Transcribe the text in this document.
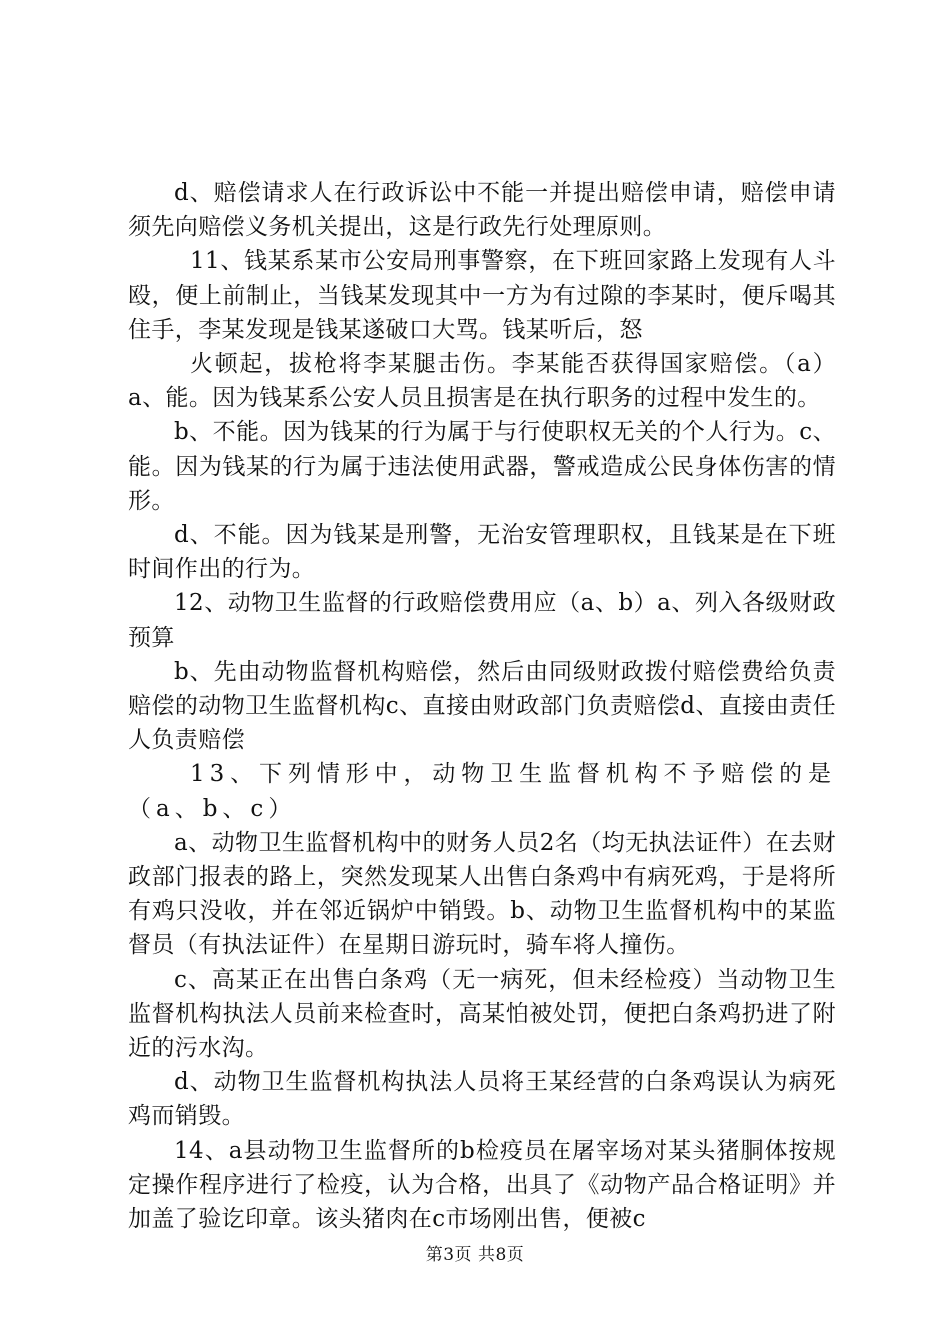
d、赔偿请求人在行政诉讼中不能一并提出赔偿申请，赔偿申请须先向赔偿义务机关提出，这是行政先行处理原则。

11、钱某系某市公安局刑事警察，在下班回家路上发现有人斗殴，便上前制止，当钱某发现其中一方为有过隙的李某时，便斥喝其住手，李某发现是钱某遂破口大骂。钱某听后，怒

火顿起，拔枪将李某腿击伤。李某能否获得国家赔偿。（a）a、能。因为钱某系公安人员且损害是在执行职务的过程中发生的。

b、不能。因为钱某的行为属于与行使职权无关的个人行为。c、能。因为钱某的行为属于违法使用武器，警戒造成公民身体伤害的情形。

d、不能。因为钱某是刑警，无治安管理职权，且钱某是在下班时间作出的行为。

12、动物卫生监督的行政赔偿费用应（a、b）a、列入各级财政预算

b、先由动物监督机构赔偿，然后由同级财政拨付赔偿费给负责赔偿的动物卫生监督机构c、直接由财政部门负责赔偿d、直接由责任人负责赔偿

13、下列情形中，动物卫生监督机构不予赔偿的是（a、b、c）

a、动物卫生监督机构中的财务人员2名（均无执法证件）在去财政部门报表的路上，突然发现某人出售白条鸡中有病死鸡，于是将所有鸡只没收，并在邻近锅炉中销毁。b、动物卫生监督机构中的某监督员（有执法证件）在星期日游玩时，骑车将人撞伤。

c、高某正在出售白条鸡（无一病死，但未经检疫）当动物卫生监督机构执法人员前来检查时，高某怕被处罚，便把白条鸡扔进了附近的污水沟。

d、动物卫生监督机构执法人员将王某经营的白条鸡误认为病死鸡而销毁。

14、a县动物卫生监督所的b检疫员在屠宰场对某头猪胴体按规定操作程序进行了检疫，认为合格，出具了《动物产品合格证明》并加盖了验讫印章。该头猪肉在c市场刚出售，便被c

第3页 共8页
